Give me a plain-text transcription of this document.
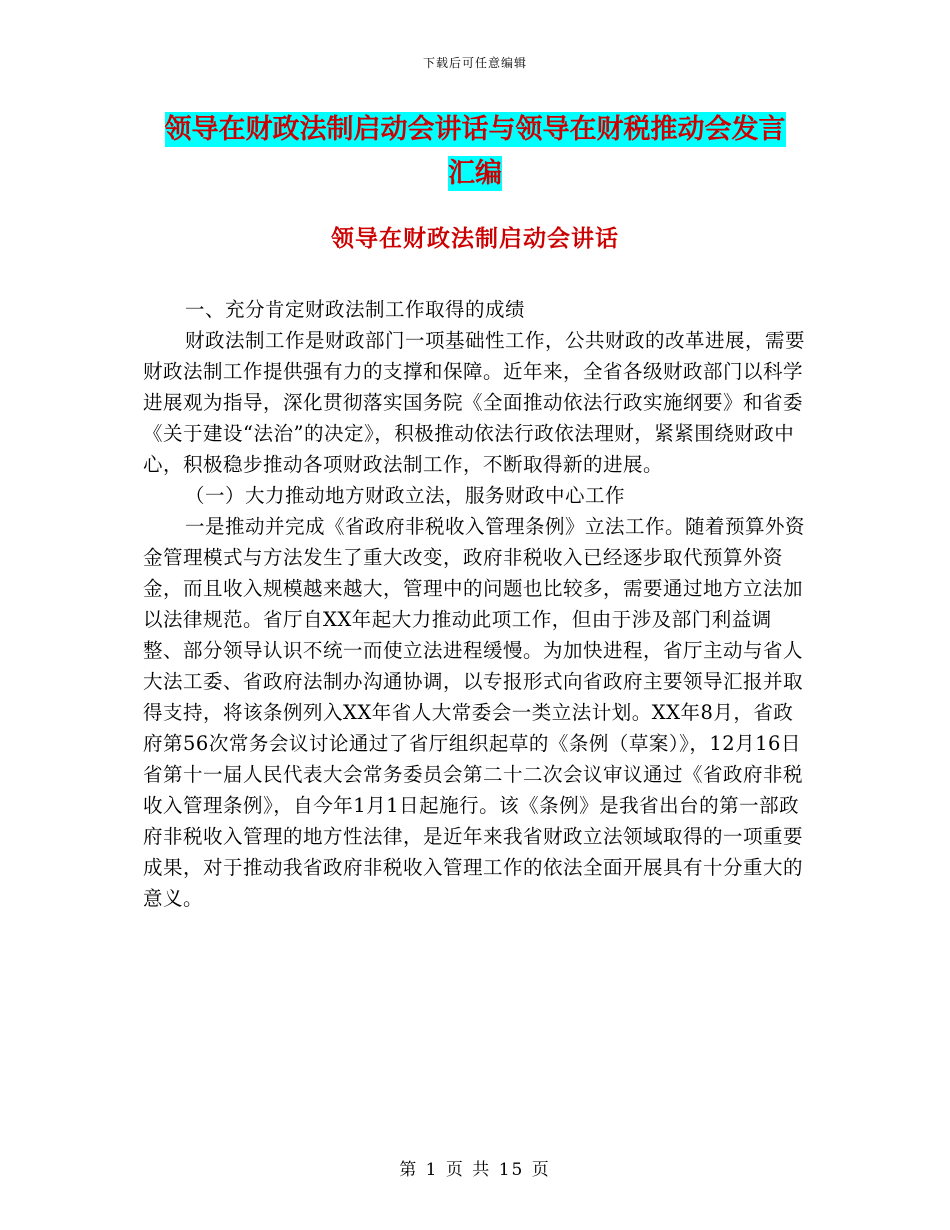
下载后可任意编辑
领导在财政法制启动会讲话与领导在财税推动会发言
汇编
领导在财政法制启动会讲话

一、充分肯定财政法制工作取得的成绩

财政法制工作是财政部门一项基础性工作，公共财政的改革进展，需要财政法制工作提供强有力的支撑和保障。近年来，全省各级财政部门以科学进展观为指导，深化贯彻落实国务院《全面推动依法行政实施纲要》和省委《关于建设“法治”的决定》，积极推动依法行政依法理财，紧紧围绕财政中心，积极稳步推动各项财政法制工作，不断取得新的进展。

（一）大力推动地方财政立法，服务财政中心工作

一是推动并完成《省政府非税收入管理条例》立法工作。随着预算外资金管理模式与方法发生了重大改变，政府非税收入已经逐步取代预算外资金，而且收入规模越来越大，管理中的问题也比较多，需要通过地方立法加以法律规范。省厅自XX年起大力推动此项工作，但由于涉及部门利益调整、部分领导认识不统一而使立法进程缓慢。为加快进程，省厅主动与省人大法工委、省政府法制办沟通协调，以专报形式向省政府主要领导汇报并取得支持，将该条例列入XX年省人大常委会一类立法计划。XX年8月，省政府第56次常务会议讨论通过了省厅组织起草的《条例（草案）》，12月16日省第十一届人民代表大会常务委员会第二十二次会议审议通过《省政府非税收入管理条例》，自今年1月1日起施行。该《条例》是我省出台的第一部政府非税收入管理的地方性法律，是近年来我省财政立法领域取得的一项重要成果，对于推动我省政府非税收入管理工作的依法全面开展具有十分重大的意义。

第 1 页 共 15 页
